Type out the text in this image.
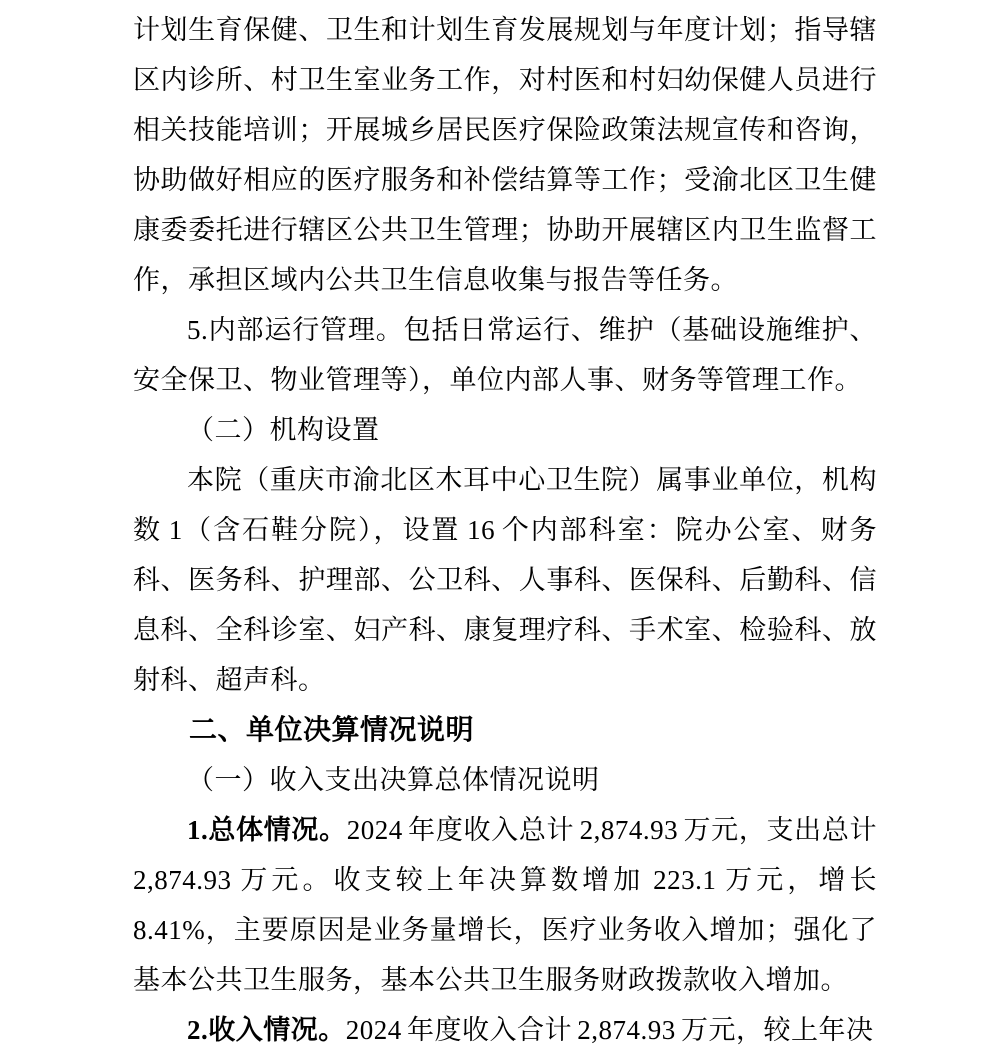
计划生育保健、卫生和计划生育发展规划与年度计划；指导辖区内诊所、村卫生室业务工作，对村医和村妇幼保健人员进行相关技能培训；开展城乡居民医疗保险政策法规宣传和咨询，协助做好相应的医疗服务和补偿结算等工作；受渝北区卫生健康委委托进行辖区公共卫生管理；协助开展辖区内卫生监督工作，承担区域内公共卫生信息收集与报告等任务。

5.内部运行管理。包括日常运行、维护（基础设施维护、安全保卫、物业管理等），单位内部人事、财务等管理工作。

（二）机构设置

本院（重庆市渝北区木耳中心卫生院）属事业单位，机构数 1（含石鞋分院），设置 16 个内部科室：院办公室、财务科、医务科、护理部、公卫科、人事科、医保科、后勤科、信息科、全科诊室、妇产科、康复理疗科、手术室、检验科、放射科、超声科。

二、单位决算情况说明

（一）收入支出决算总体情况说明

1.总体情况。2024 年度收入总计 2,874.93 万元，支出总计 2,874.93 万元。收支较上年决算数增加 223.1 万元，增长 8.41%，主要原因是业务量增长，医疗业务收入增加；强化了基本公共卫生服务，基本公共卫生服务财政拨款收入增加。

2.收入情况。2024 年度收入合计 2,874.93 万元，较上年决
